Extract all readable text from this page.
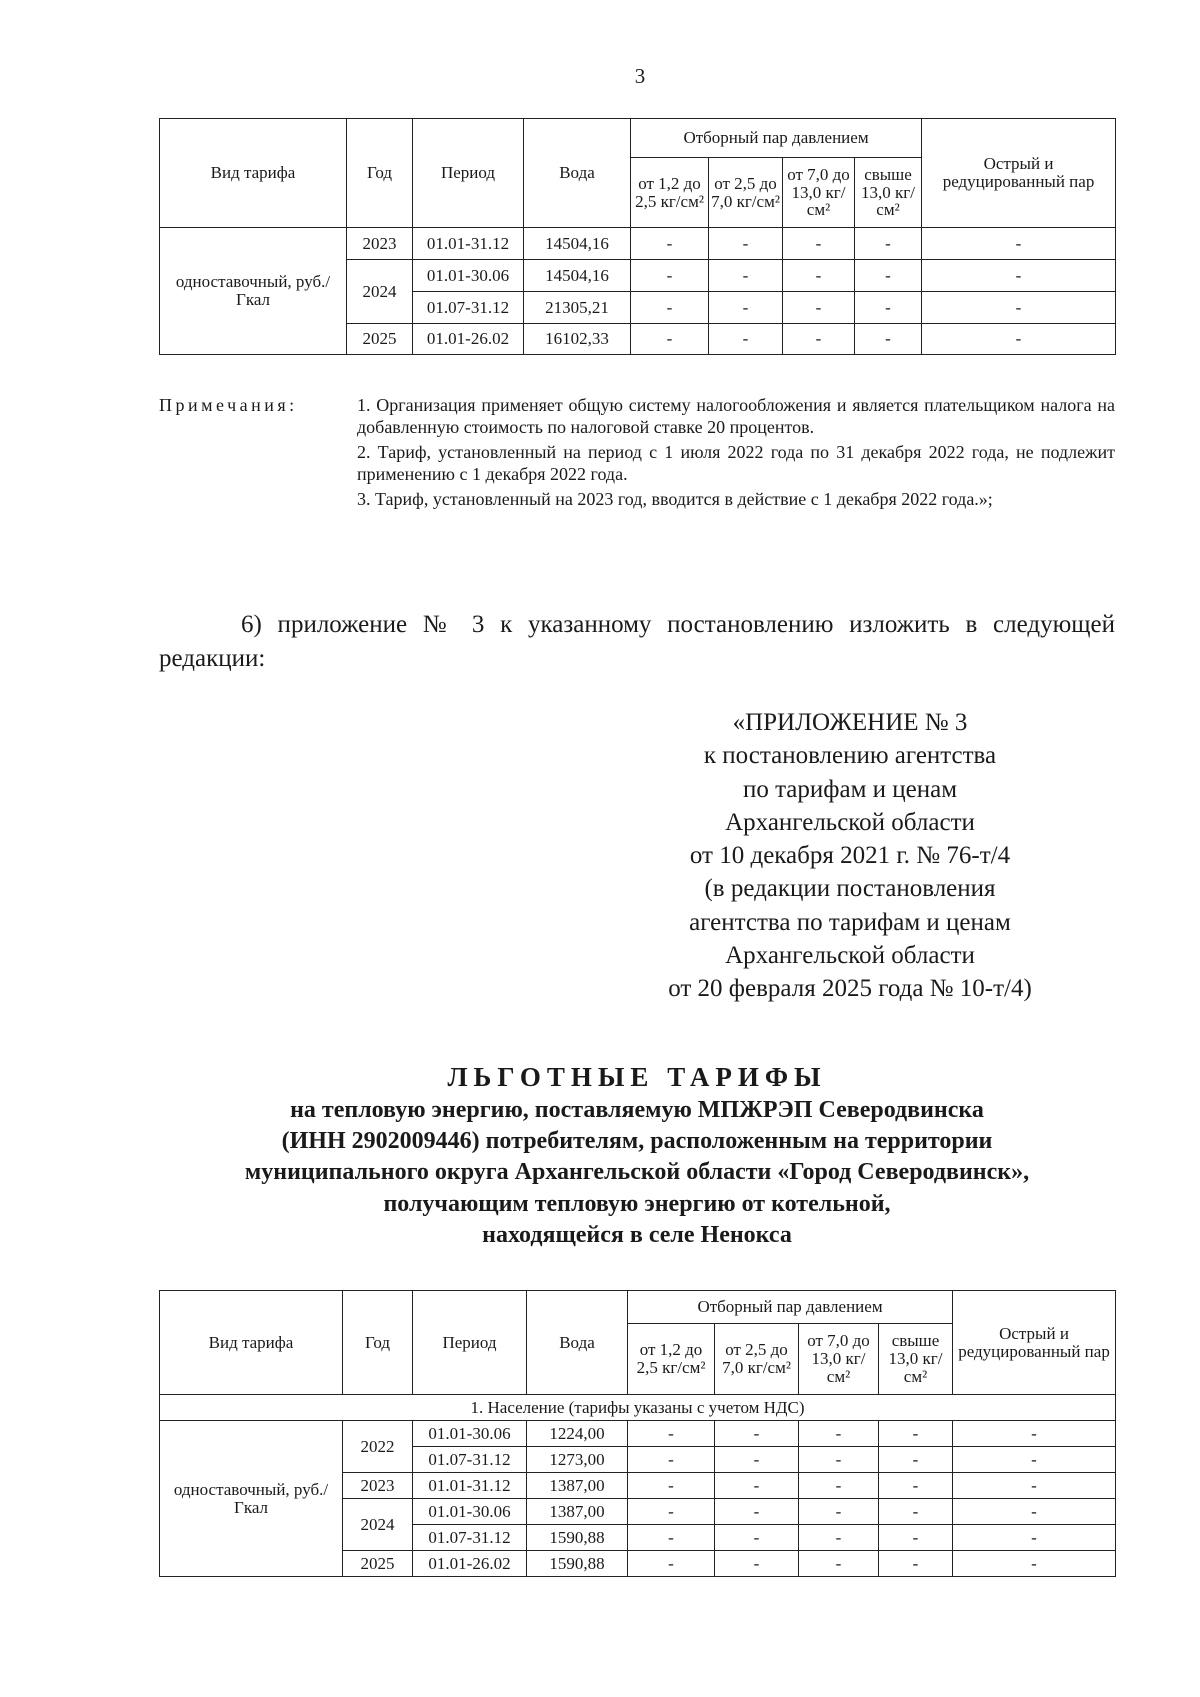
3
Вид тарифа	Год	Период	Вода	Отборный пар давлением				Острый и редуцированный пар
				от 1,2 до 2,5 кг/см²	от 2,5 до 7,0 кг/см²	от 7,0 до 13,0 кг/см²	свыше 13,0 кг/см²	
одноставочный, руб./Гкал	2023	01.01-31.12	14504,16	-	-	-	-	-
	2024	01.01-30.06	14504,16	-	-	-	-	-
		01.07-31.12	21305,21	-	-	-	-	-
	2025	01.01-26.02	16102,33	-	-	-	-	-
Примечания:	1. Организация применяет общую систему налогообложения и является плательщиком налога на добавленную стоимость по налоговой ставке 20 процентов.

2. Тариф, установленный на период с 1 июля 2022 года по 31 декабря 2022 года, не подлежит применению с 1 декабря 2022 года.

3. Тариф, установленный на 2023 год, вводится в действие с 1 декабря 2022 года.»;

6) приложение № 3 к указанному постановлению изложить в следующей редакции:
«ПРИЛОЖЕНИЕ № 3
к постановлению агентства
по тарифам и ценам
Архангельской области
от 10 декабря 2021 г. № 76-т/4
(в редакции постановления
агентства по тарифам и ценам
Архангельской области
от 20 февраля 2025 года № 10-т/4)
ЛЬГОТНЫЕ ТАРИФЫ
на тепловую энергию, поставляемую МПЖРЭП Северодвинска
(ИНН 2902009446) потребителям, расположенным на территории
муниципального округа Архангельской области «Город Северодвинск»,
получающим тепловую энергию от котельной,
находящейся в селе Ненокса
Вид тарифа	Год	Период	Вода	Отборный пар давлением				Острый и редуцированный пар
				от 1,2 до 2,5 кг/см²	от 2,5 до 7,0 кг/см²	от 7,0 до 13,0 кг/см²	свыше 13,0 кг/см²	
1. Население (тарифы указаны с учетом НДС)								
одноставочный, руб./Гкал	2022	01.01-30.06	1224,00	-	-	-	-	-
		01.07-31.12	1273,00	-	-	-	-	-
	2023	01.01-31.12	1387,00	-	-	-	-	-
	2024	01.01-30.06	1387,00	-	-	-	-	-
		01.07-31.12	1590,88	-	-	-	-	-
	2025	01.01-26.02	1590,88	-	-	-	-	-
